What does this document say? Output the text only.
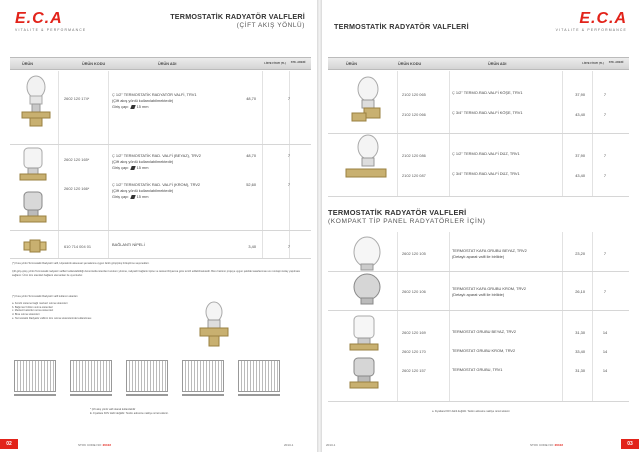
E.C.A
VITALITE & PERFORMANCE
TERMOSTATİK RADYATÖR VALFLERİ
(ÇİFT AKIŞ YÖNLÜ)
ÜRÜN	ÜRÜN KODU	ÜRÜN ADI	LİSTE FİYATI (TL)	STK. ADEDİ
2602 120 174*
Ç 1/2" TERMOSTATİK RADYATÖR VALFİ, TRV1
(Çift akış yönlü kullanılabilmektedir)
Giriş çapı 15 mm
48,70	7
2602 120 165*
Ç 1/2" TERMOSTATİK RAD. VALFİ (BEYAZ), TRV2
(Çift akış yönlü kullanılabilmektedir)
Giriş çapı 15 mm
48,70	7
2602 120 166*
Ç 1/2" TERMOSTATİK RAD. VALFİ (KROM), TRV2
(Çift akış yönlü kullanılabilmektedir)
Giriş çapı 15 mm
52,60	7
610 714 004 01	BAĞLANTI NİPELİ	3,40	7
(*) Kısa yönlü Termostatik Radyatör valfi, Hipoteknik aksesuar şemalarına uygun farklı giriş/çıkış birleştirme seçenekleri.
Çift giriş-çıkış yönlü Termostatik radyatör valfleri kullanılabildiği durumlarda istenilen kurulum yönüne, radyatör bağlantı tipine ve tesisat ihtiyacına göre tercih edilebilmektedir. Boru hattının projeye uygun şekilde tasarlanması ve montajın kolay yapılması sağlanır. Ürün tüm standart bağlantı elemanları ile uyumludur.
(*) Kısa yönlü Termostatik Radyatör valfi kullanım alanları
a. Kombi sisteme bağlı merkezi ısıtma sistemleri
b. Bağımsız bölüm ısıtma sistemleri
c. Merkezi kalorifer ısıtma sistemleri
d. Bina ısıtma sistemleri
e. Termostatik Radyatör valfinin tüm ısıtma sistemlerinde kullanılması
* Çift akış yönlü valfi olarak kullanılabilir
E. Fiyatlara KDV dahil değildir. Teslim adresine nakliye ücreti eklenir.
02	STOK CODE NO: 20102	2013-1
TERMOSTATİK RADYATÖR VALFLERİ	E.C.A
VITALITE & PERFORMANCE
ÜRÜN	ÜRÜN KODU	ÜRÜN ADI	LİSTE FİYATI (TL)	STK. ADEDİ
2102 120 065	Ç 1/2" TERMO.RAD.VALFİ KÖŞE, TRV1	37,90	7
2102 120 066	Ç 3/4" TERMO.RAD.VALFİ KÖŞE, TRV1	43,40	7
2102 120 086	Ç 1/2" TERMO.RAD.VALFİ DÜZ, TRV1	37,90	7
2102 120 087	Ç 3/4" TERMO.RAD.VALFİ DÜZ, TRV1	43,40	7
TERMOSTATİK RADYATÖR VALFLERİ
(KOMPAKT TİP PANEL RADYATÖRLER İÇİN)
2602 120 105
TERMOSTAT KAFA GRUBU BEYAZ, TRV2
(Detaylı aparat valfi ile birlikte)
23,20	7
2602 120 106
TERMOSTAT KAFA GRUBU KROM, TRV2
(Detaylı aparat valfi ile birlikte)
26,10	7
2602 120 169	TERMOSTAT GRUBU BEYAZ, TRV2	31,30	14
2602 120 170	TERMOSTAT GRUBU KROM, TRV2	33,40	14
2602 120 157	TERMOSTAT GRUBU, TRV1	31,30	14
a. Fiyatlara KDV dahil değildir. Teslim adresine nakliye ücreti eklenir.
2013-1	STOK CODE NO: 20102	03
